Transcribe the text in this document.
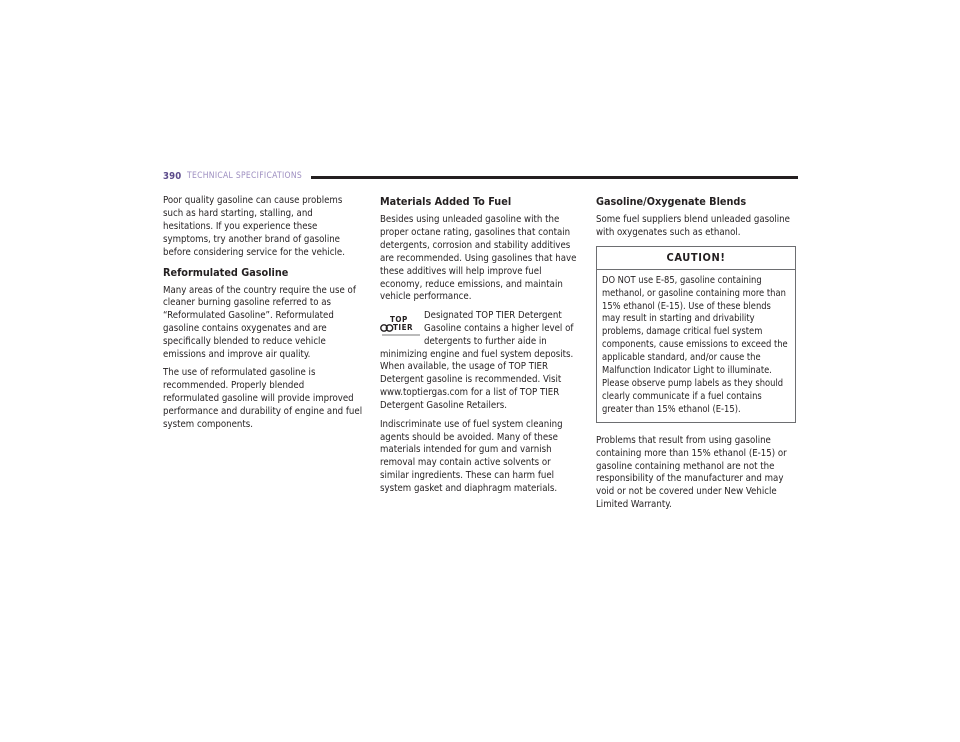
390 TECHNICAL SPECIFICATIONS

Poor quality gasoline can cause problems such as hard starting, stalling, and hesitations. If you experience these symptoms, try another brand of gasoline before considering service for the vehicle.

Reformulated Gasoline

Many areas of the country require the use of cleaner burning gasoline referred to as “Reformulated Gasoline”. Reformulated gasoline contains oxygenates and are specifically blended to reduce vehicle emissions and improve air quality.

The use of reformulated gasoline is recommended. Properly blended reformulated gasoline will provide improved performance and durability of engine and fuel system components.

Materials Added To Fuel

Besides using unleaded gasoline with the proper octane rating, gasolines that contain detergents, corrosion and stability additives are recommended. Using gasolines that have these additives will help improve fuel economy, reduce emissions, and maintain vehicle performance.

TOP
TIER
Designated TOP TIER Detergent Gasoline contains a higher level of detergents to further aide in minimizing engine and fuel system deposits. When available, the usage of TOP TIER Detergent gasoline is recommended. Visit www.toptiergas.com for a list of TOP TIER Detergent Gasoline Retailers.

Indiscriminate use of fuel system cleaning agents should be avoided. Many of these materials intended for gum and varnish removal may contain active solvents or similar ingredients. These can harm fuel system gasket and diaphragm materials.

Gasoline/Oxygenate Blends

Some fuel suppliers blend unleaded gasoline with oxygenates such as ethanol.

CAUTION!
DO NOT use E-85, gasoline containing methanol, or gasoline containing more than 15% ethanol (E-15). Use of these blends may result in starting and drivability problems, damage critical fuel system components, cause emissions to exceed the applicable standard, and/or cause the Malfunction Indicator Light to illuminate. Please observe pump labels as they should clearly communicate if a fuel contains greater than 15% ethanol (E-15).

Problems that result from using gasoline containing more than 15% ethanol (E-15) or gasoline containing methanol are not the responsibility of the manufacturer and may void or not be covered under New Vehicle Limited Warranty.
